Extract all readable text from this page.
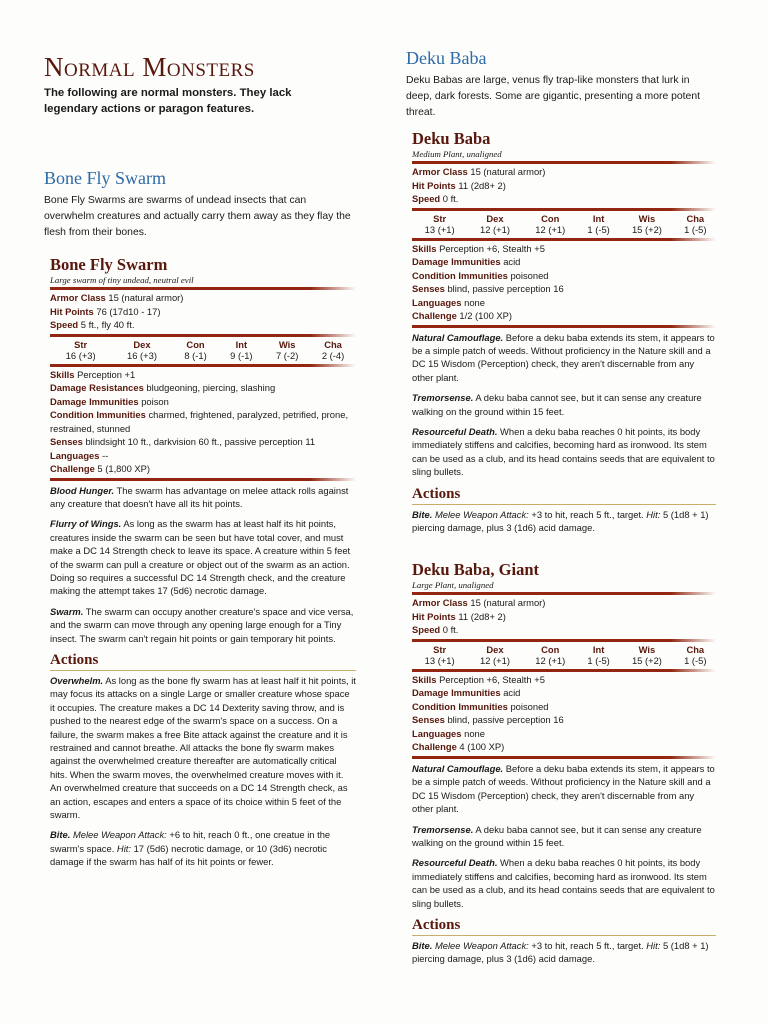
Normal Monsters

The following are normal monsters. They lack legendary actions or paragon features.

Bone Fly Swarm

Bone Fly Swarms are swarms of undead insects that can overwhelm creatures and actually carry them away as they flay the flesh from their bones.

Bone Fly Swarm

Large swarm of tiny undead, neutral evil

Armor Class 15 (natural armor)

Hit Points 76 (17d10 - 17)

Speed 5 ft., fly 40 ft.

Str	Dex	Con	Int	Wis	Cha
16 (+3)	16 (+3)	8 (-1)	9 (-1)	7 (-2)	2 (-4)

Skills Perception +1

Damage Resistances bludgeoning, piercing, slashing

Damage Immunities poison

Condition Immunities charmed, frightened, paralyzed, petrified, prone, restrained, stunned

Senses blindsight 10 ft., darkvision 60 ft., passive perception 11

Languages --

Challenge 5 (1,800 XP)

Blood Hunger. The swarm has advantage on melee attack rolls against any creature that doesn't have all its hit points.

Flurry of Wings. As long as the swarm has at least half its hit points, creatures inside the swarm can be seen but have total cover, and must make a DC 14 Strength check to leave its space. A creature within 5 feet of the swarm can pull a creature or object out of the swarm as an action. Doing so requires a successful DC 14 Strength check, and the creature making the attempt takes 17 (5d6) necrotic damage.

Swarm. The swarm can occupy another creature's space and vice versa, and the swarm can move through any opening large enough for a Tiny insect. The swarm can't regain hit points or gain temporary hit points.

Actions

Overwhelm. As long as the bone fly swarm has at least half it hit points, it may focus its attacks on a single Large or smaller creature whose space it occupies. The creature makes a DC 14 Dexterity saving throw, and is pushed to the nearest edge of the swarm's space on a success. On a failure, the swarm makes a free Bite attack against the creature and it is restrained and cannot breathe. All attacks the bone fly swarm makes against the overwhelmed creature thereafter are automatically critical hits. When the swarm moves, the overwhelmed creature moves with it. An overwhelmed creature that succeeds on a DC 14 Strength check, as an action, escapes and enters a space of its choice within 5 feet of the swarm.

Bite. Melee Weapon Attack: +6 to hit, reach 0 ft., one creatue in the swarm's space. Hit: 17 (5d6) necrotic damage, or 10 (3d6) necrotic damage if the swarm has half of its hit points or fewer.

Deku Baba

Deku Babas are large, venus fly trap-like monsters that lurk in deep, dark forests. Some are gigantic, presenting a more potent threat.

Deku Baba

Medium Plant, unaligned

Armor Class 15 (natural armor)

Hit Points 11 (2d8+ 2)

Speed 0 ft.

Str	Dex	Con	Int	Wis	Cha
13 (+1)	12 (+1)	12 (+1)	1 (-5)	15 (+2)	1 (-5)

Skills Perception +6, Stealth +5

Damage Immunities acid

Condition Immunities poisoned

Senses blind, passive perception 16

Languages none

Challenge 1/2 (100 XP)

Natural Camouflage. Before a deku baba extends its stem, it appears to be a simple patch of weeds. Without proficiency in the Nature skill and a DC 15 Wisdom (Perception) check, they aren't discernable from any other plant.

Tremorsense. A deku baba cannot see, but it can sense any creature walking on the ground within 15 feet.

Resourceful Death. When a deku baba reaches 0 hit points, its body immediately stiffens and calcifies, becoming hard as ironwood. Its stem can be used as a club, and its head contains seeds that are equivalent to sling bullets.

Actions

Bite. Melee Weapon Attack: +3 to hit, reach 5 ft., target. Hit: 5 (1d8 + 1) piercing damage, plus 3 (1d6) acid damage.

Deku Baba, Giant

Large Plant, unaligned

Armor Class 15 (natural armor)

Hit Points 11 (2d8+ 2)

Speed 0 ft.

Str	Dex	Con	Int	Wis	Cha
13 (+1)	12 (+1)	12 (+1)	1 (-5)	15 (+2)	1 (-5)

Skills Perception +6, Stealth +5

Damage Immunities acid

Condition Immunities poisoned

Senses blind, passive perception 16

Languages none

Challenge 4 (100 XP)

Natural Camouflage. Before a deku baba extends its stem, it appears to be a simple patch of weeds. Without proficiency in the Nature skill and a DC 15 Wisdom (Perception) check, they aren't discernable from any other plant.

Tremorsense. A deku baba cannot see, but it can sense any creature walking on the ground within 15 feet.

Resourceful Death. When a deku baba reaches 0 hit points, its body immediately stiffens and calcifies, becoming hard as ironwood. Its stem can be used as a club, and its head contains seeds that are equivalent to sling bullets.

Actions

Bite. Melee Weapon Attack: +3 to hit, reach 5 ft., target. Hit: 5 (1d8 + 1) piercing damage, plus 3 (1d6) acid damage.
